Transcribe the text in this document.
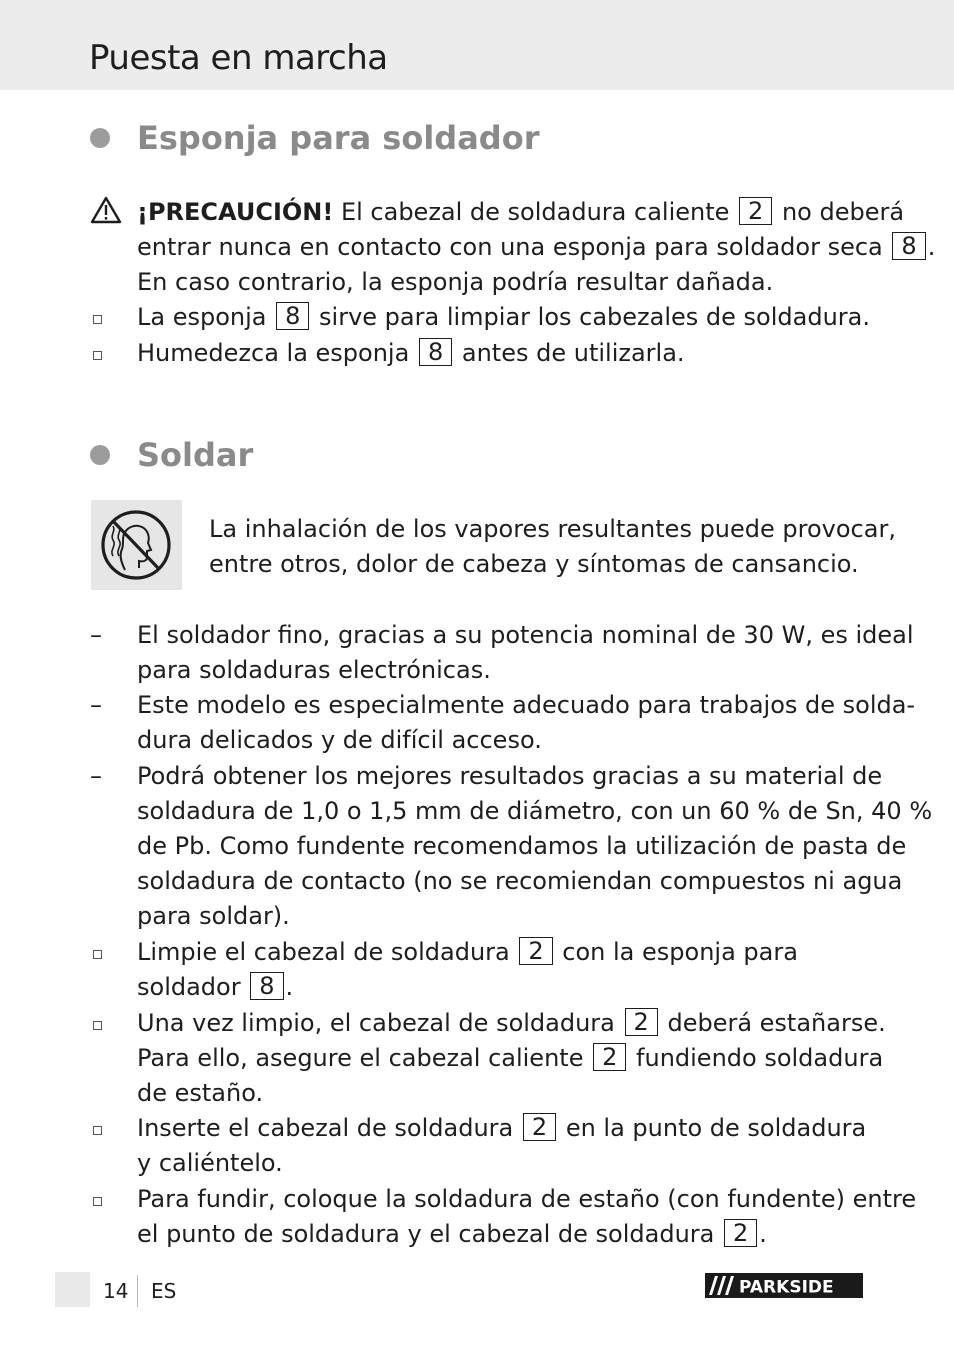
Puesta en marcha
Esponja para soldador
¡PRECAUCIÓN! El cabezal de soldadura caliente 2 no deberá
entrar nunca en contacto con una esponja para soldador seca 8 .
En caso contrario, la esponja podría resultar dañada.
La esponja 8 sirve para limpiar los cabezales de soldadura.
Humedezca la esponja 8 antes de utilizarla.
Soldar
La inhalación de los vapores resultantes puede provocar,
entre otros, dolor de cabeza y síntomas de cansancio.
– El soldador fino, gracias a su potencia nominal de 30 W, es ideal
para soldaduras electrónicas.
– Este modelo es especialmente adecuado para trabajos de solda-
dura delicados y de difícil acceso.
– Podrá obtener los mejores resultados gracias a su material de
soldadura de 1,0 o 1,5 mm de diámetro, con un 60 % de Sn, 40 %
de Pb. Como fundente recomendamos la utilización de pasta de
soldadura de contacto (no se recomiendan compuestos ni agua
para soldar).
Limpie el cabezal de soldadura 2 con la esponja para
soldador 8 .
Una vez limpio, el cabezal de soldadura 2 deberá estañarse.
Para ello, asegure el cabezal caliente 2 fundiendo soldadura
de estaño.
Inserte el cabezal de soldadura 2 en la punto de soldadura
y caliéntelo.
Para fundir, coloque la soldadura de estaño (con fundente) entre
el punto de soldadura y el cabezal de soldadura 2 .
14 ES	PARKSIDE
